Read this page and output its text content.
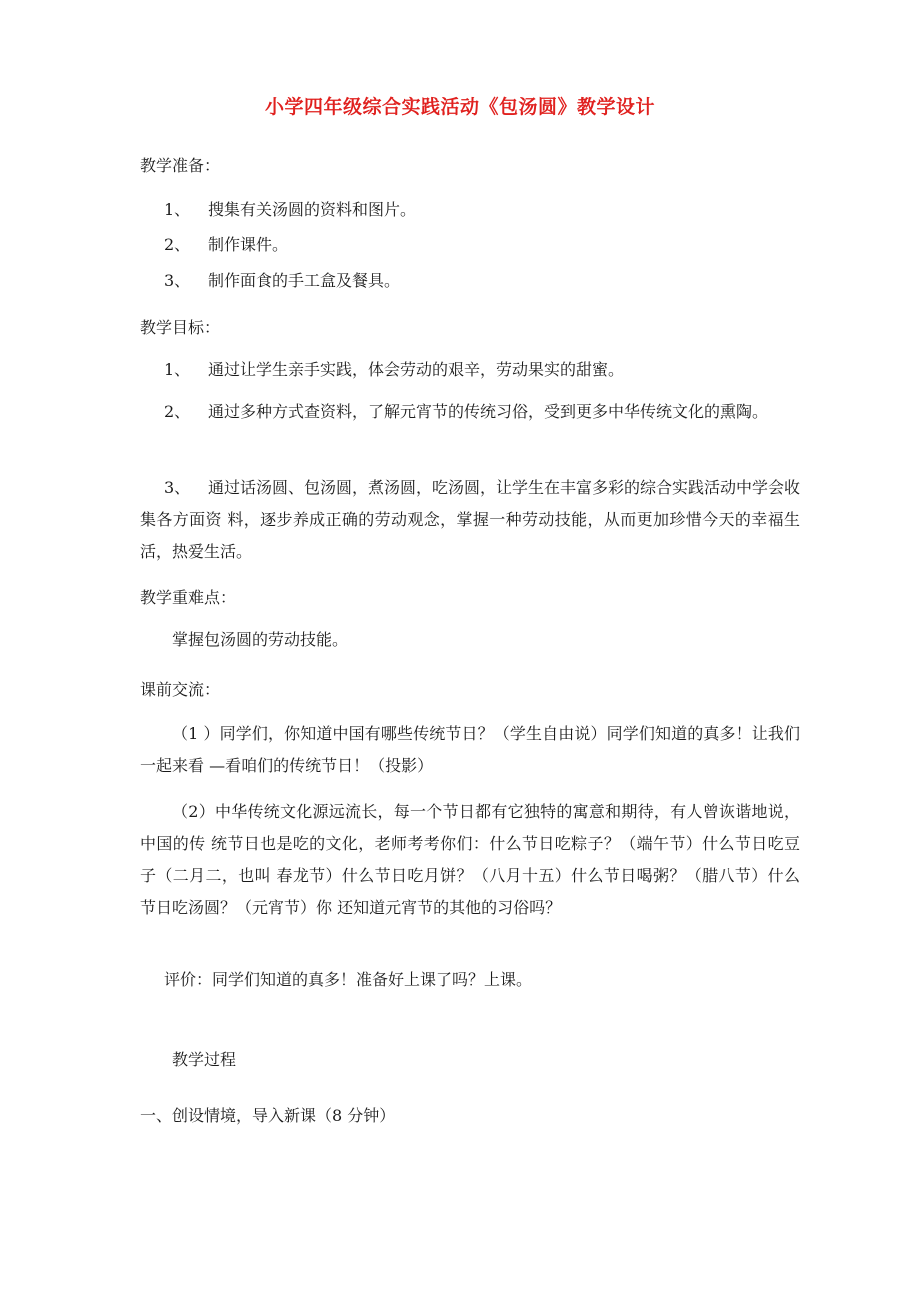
小学四年级综合实践活动《包汤圆》教学设计
教学准备：
1、 搜集有关汤圆的资料和图片。
2、 制作课件。
3、 制作面食的手工盒及餐具。
教学目标：
1、 通过让学生亲手实践，体会劳动的艰辛，劳动果实的甜蜜。
2、 通过多种方式查资料，了解元宵节的传统习俗，受到更多中华传统文化的熏陶。
3、 通过话汤圆、包汤圆，煮汤圆，吃汤圆，让学生在丰富多彩的综合实践活动中学会收集各方面资 料，逐步养成正确的劳动观念，掌握一种劳动技能，从而更加珍惜今天的幸福生活，热爱生活。
教学重难点：
掌握包汤圆的劳动技能。
课前交流：
（1 ）同学们，你知道中国有哪些传统节日？（学生自由说）同学们知道的真多！让我们一起来看 —看咱们的传统节日！（投影）
（2）中华传统文化源远流长，每一个节日都有它独特的寓意和期待，有人曾诙谐地说，中国的传 统节日也是吃的文化，老师考考你们：什么节日吃粽子？（端午节）什么节日吃豆子（二月二，也叫 春龙节）什么节日吃月饼？（八月十五）什么节日喝粥？（腊八节）什么节日吃汤圆？（元宵节）你 还知道元宵节的其他的习俗吗？
评价：同学们知道的真多！准备好上课了吗？上课。
教学过程
一、创设情境，导入新课（8 分钟）
